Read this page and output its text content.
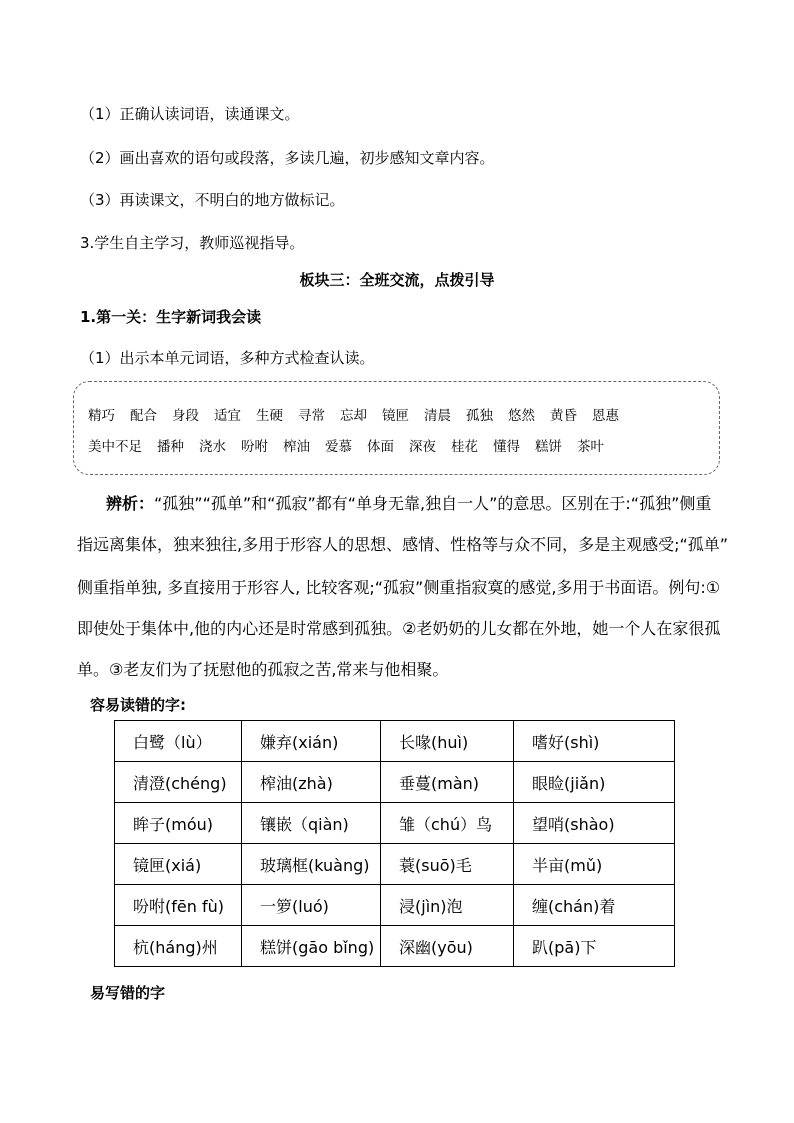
（1）正确认读词语，读通课文。
（2）画出喜欢的语句或段落，多读几遍，初步感知文章内容。
（3）再读课文，不明白的地方做标记。
3.学生自主学习，教师巡视指导。
板块三：全班交流，点拨引导
1.第一关：生字新词我会读
（1）出示本单元词语，多种方式检查认读。
精巧 配合 身段 适宜 生硬 寻常 忘却 镜匣 清晨 孤独 悠然 黄昏 恩惠
美中不足 播种 浇水 吩咐 榨油 爱慕 体面 深夜 桂花 懂得 糕饼 茶叶
辨析：“孤独”“孤单”和“孤寂”都有“单身无靠,独自一人”的意思。区别在于:“孤独”侧重
指远离集体，独来独往,多用于形容人的思想、感情、性格等与众不同，多是主观感受;“孤单”
侧重指单独, 多直接用于形容人, 比较客观;“孤寂”侧重指寂寞的感觉,多用于书面语。例句:①
即使处于集体中,他的内心还是时常感到孤独。②老奶奶的儿女都在外地，她一个人在家很孤
单。③老友们为了抚慰他的孤寂之苦,常来与他相聚。
容易读错的字:
白鹭（lù）	嫌弃(xián)	长喙(huì)	嗜好(shì)
清澄(chéng)	榨油(zhà)	垂蔓(màn)	眼睑(jiǎn)
眸子(móu)	镶嵌（qiàn)	雏（chú）鸟	望哨(shào)
镜匣(xiá)	玻璃框(kuàng)	蓑(suō)毛	半亩(mǔ)
吩咐(fēn fù)	一箩(luó)	浸(jìn)泡	缠(chán)着
杭(háng)州	糕饼(gāo bǐng)	深幽(yōu)	趴(pā)下
易写错的字
